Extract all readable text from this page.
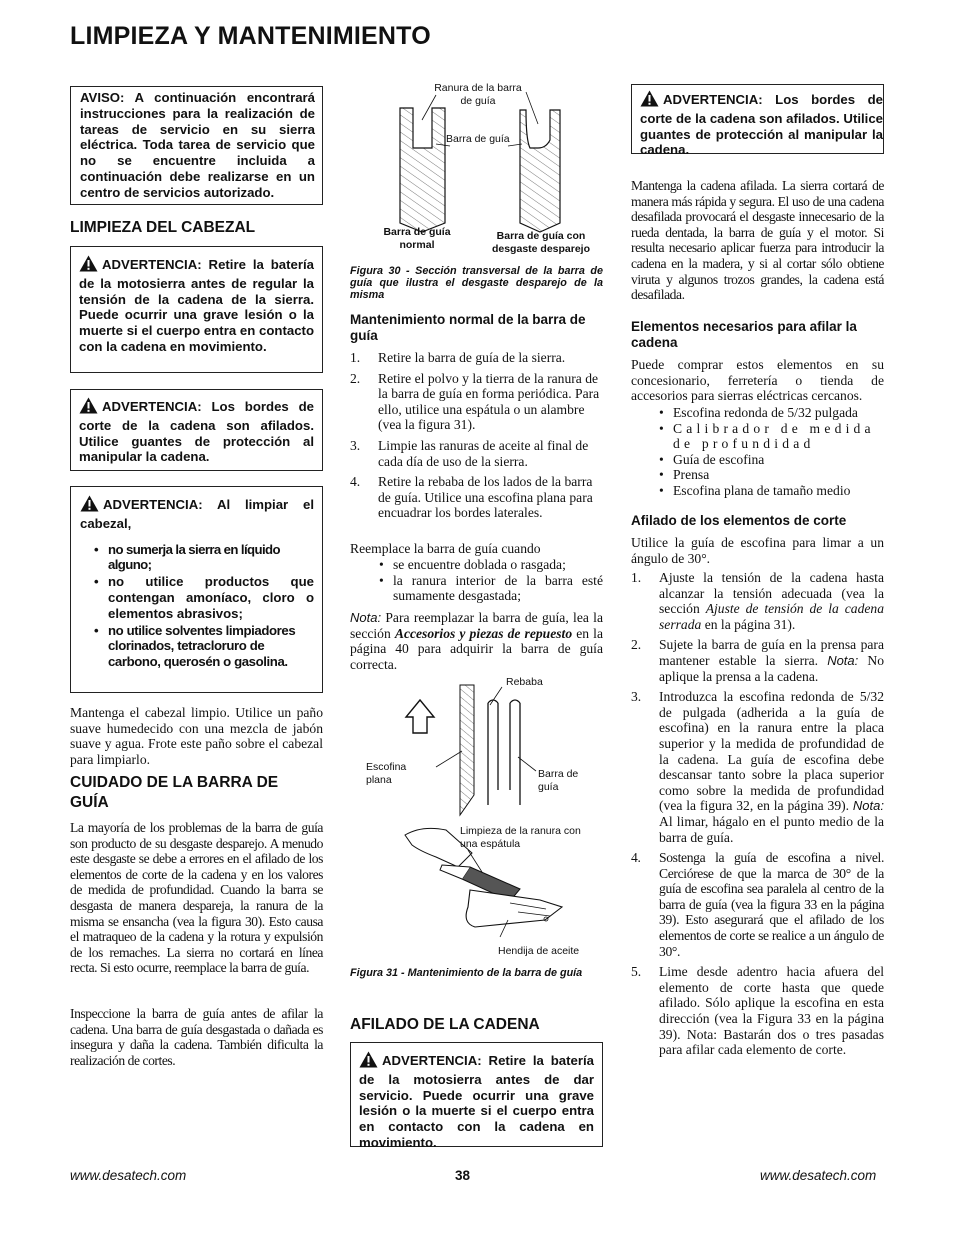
LIMPIEZA Y MANTENIMIENTO
AVISO: A continuación encontrará instrucciones para la realización de tareas de servicio en su sierra eléctrica. Toda tarea de servicio que no se encuentre incluida a continuación debe realizarse en un centro de servicios autorizado.
LIMPIEZA DEL CABEZAL
ADVERTENCIA: Retire la batería de la motosierra antes de regular la tensión de la cadena de la sierra. Puede ocurrir una grave lesión o la muerte si el cuerpo entra en contacto con la cadena en movimiento.
ADVERTENCIA: Los bordes de corte de la cadena son afilados. Utilice guantes de protección al manipular la cadena.
ADVERTENCIA: Al limpiar el cabezal,
• no sumerja la sierra en líquido alguno;
• no utilice productos que contengan amoníaco, cloro o elementos abrasivos;
• no utilice solventes limpiadores clorinados, tetracloruro de carbono, querosén o gasolina.

Mantenga el cabezal limpio. Utilice un paño suave humedecido con una mezcla de jabón suave y agua. Frote este paño sobre el cabezal para limpiarlo.

CUIDADO DE LA BARRA DE
GUÍA

La mayoría de los problemas de la barra de guía son producto de su desgaste desparejo. A menudo este desgaste se debe a errores en el afilado de los elementos de corte de la cadena y en los valores de medida de profundidad. Cuando la barra se desgasta de manera despareja, la ranura de la misma se ensancha (vea la figura 30). Esto causa el matraqueo de la cadena y la rotura y expulsión de los remaches. La sierra no cortará en línea recta. Si esto ocurre, reemplace la barra de guía.

Inspeccione la barra de guía antes de afilar la cadena. Una barra de guía desgastada o dañada es insegura y daña la cadena. También dificulta la realización de cortes.

Ranura de la barra de guía
Barra de guía
Barra de guía normal
Barra de guía con desgaste desparejo

Figura 30 - Sección transversal de la barra de guía que ilustra el desgaste desparejo de la misma

Mantenimiento normal de la barra de guía
1. Retire la barra de guía de la sierra.
2. Retire el polvo y la tierra de la ranura de la barra de guía en forma periódica. Para ello, utilice una espátula o un alambre (vea la figura 31).
3. Limpie las ranuras de aceite al final de cada día de uso de la sierra.
4. Retire la rebaba de los lados de la barra de guía. Utilice una escofina plana para encuadrar los bordes laterales.

Reemplace la barra de guía cuando

• se encuentre doblada o rasgada;
• la ranura interior de la barra esté sumamente desgastada;

Nota: Para reemplazar la barra de guía, lea la sección Accesorios y piezas de repuesto en la página 40 para adquirir la barra de guía correcta.

Rebaba
Escofina plana	Barra de guía
Limpieza de la ranura con una espátula
Hendija de aceite

Figura 31 - Mantenimiento de la barra de guía

AFILADO DE LA CADENA
ADVERTENCIA: Retire la batería de la motosierra antes de dar servicio. Puede ocurrir una grave lesión o la muerte si el cuerpo entra en contacto con la cadena en movimiento.
ADVERTENCIA: Los bordes de corte de la cadena son afilados. Utilice guantes de protección al manipular la cadena.

Mantenga la cadena afilada. La sierra cortará de manera más rápida y segura. El uso de una cadena desafilada provocará el desgaste innecesario de la rueda dentada, la barra de guía y el motor. Si resulta necesario aplicar fuerza para introducir la cadena en la madera, y si al cortar sólo obtiene viruta y algunos trozos grandes, la cadena está desafilada.

Elementos necesarios para afilar la cadena

Puede comprar estos elementos en su concesionario, ferretería o tienda de accesorios para sierras eléctricas cercanos.

• Escofina redonda de 5/32 pulgada
• Calibrador de medida de profundidad
• Guía de escofina
• Prensa
• Escofina plana de tamaño medio
Afilado de los elementos de corte

Utilice la guía de escofina para limar a un ángulo de 30°.

1. Ajuste la tensión de la cadena hasta alcanzar la tensión adecuada (vea la sección Ajuste de tensión de la cadena serrada en la página 31).
2. Sujete la barra de guía en la prensa para mantener estable la sierra. Nota: No aplique la prensa a la cadena.
3. Introduzca la escofina redonda de 5/32 de pulgada (adherida a la guía de escofina) en la ranura entre la placa superior y la medida de profundidad de la cadena. La guía de escofina debe descansar tanto sobre la placa superior como sobre la medida de profundidad (vea la figura 32, en la página 39). Nota: Al limar, hágalo en el punto medio de la barra de guía.
4. Sostenga la guía de escofina a nivel. Cerciórese de que la marca de 30° de la guía de escofina sea paralela al centro de la barra de guía (vea la figura 33 en la página 39). Esto asegurará que el afilado de los elementos de corte se realice a un ángulo de 30°.
5. Lime desde adentro hacia afuera del elemento de corte hasta que quede afilado. Sólo aplique la escofina en esta dirección (vea la Figura 33 en la página 39). Nota: Bastarán dos o tres pasadas para afilar cada elemento de corte.
www.desatech.com	38	www.desatech.com
